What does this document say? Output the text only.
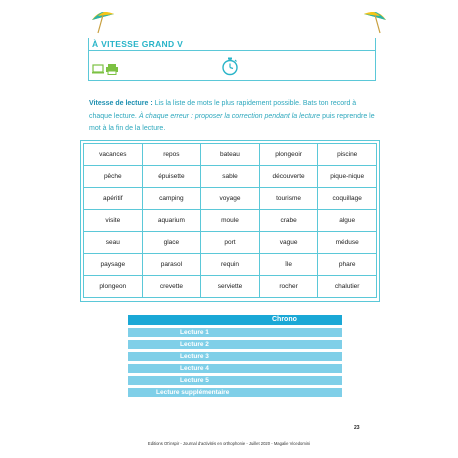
À VITESSE GRAND V

Vitesse de lecture : Lis la liste de mots le plus rapidement possible. Bats ton record à chaque lecture. À chaque erreur : proposer la correction pendant la lecture puis reprendre le mot à la fin de la lecture.

vacances	repos	bateau	plongeoir	piscine
pêche	épuisette	sable	découverte	pique-nique
apéritif	camping	voyage	tourisme	coquillage
visite	aquarium	moule	crabe	algue
seau	glace	port	vague	méduse
paysage	parasol	requin	île	phare
plongeon	crevette	serviette	rocher	chalutier
Chrono
Lecture 1
Lecture 2
Lecture 3
Lecture 4
Lecture 5
Lecture supplémentaire
23
Editions Ot'inspir - Journal d'activités en orthophonie - Juillet 2020 - Magalie Vicedomini
